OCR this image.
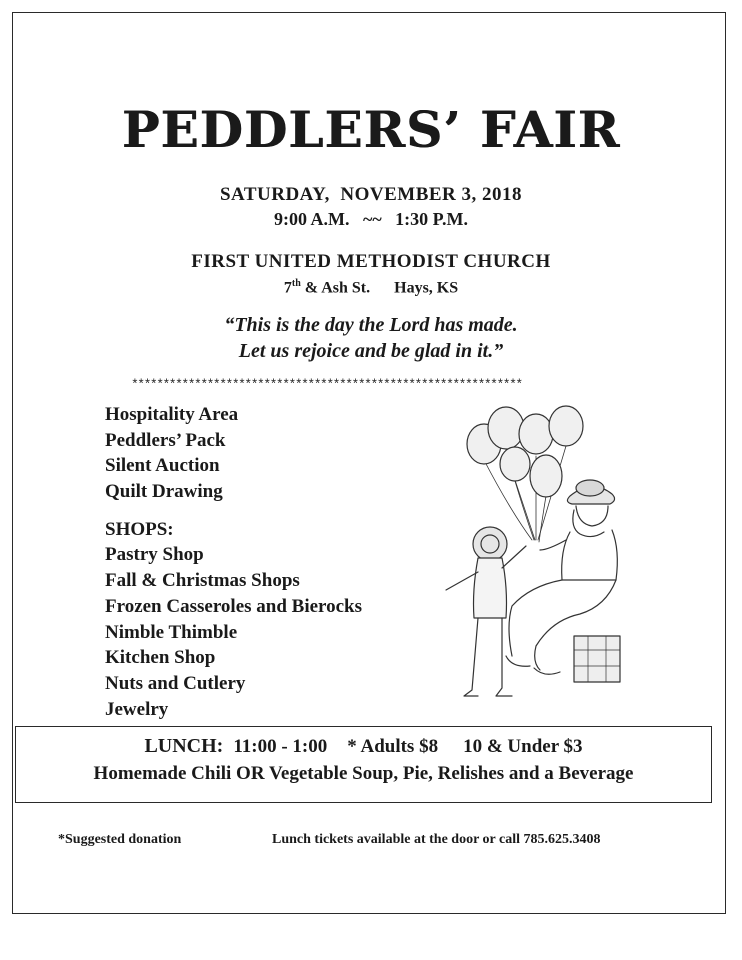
PEDDLERS’ FAIR
SATURDAY,  NOVEMBER 3, 2018
9:00 A.M.   ~~   1:30 P.M.
FIRST UNITED METHODIST CHURCH
7th & Ash St.      Hays, KS
“This is the day the Lord has made.
Let us rejoice and be glad in it.”
**************************************************************
Hospitality Area
Peddlers’ Pack
Silent Auction
Quilt Drawing
SHOPS:
Pastry Shop
Fall & Christmas Shops
Frozen Casseroles and Bierocks
Nimble Thimble
Kitchen Shop
Nuts and Cutlery
Jewelry
LUNCH: 11:00 - 1:00 * Adults $8 10 & Under $3
Homemade Chili OR Vegetable Soup, Pie, Relishes and a Beverage
*Suggested donation	Lunch tickets available at the door or call 785.625.3408
